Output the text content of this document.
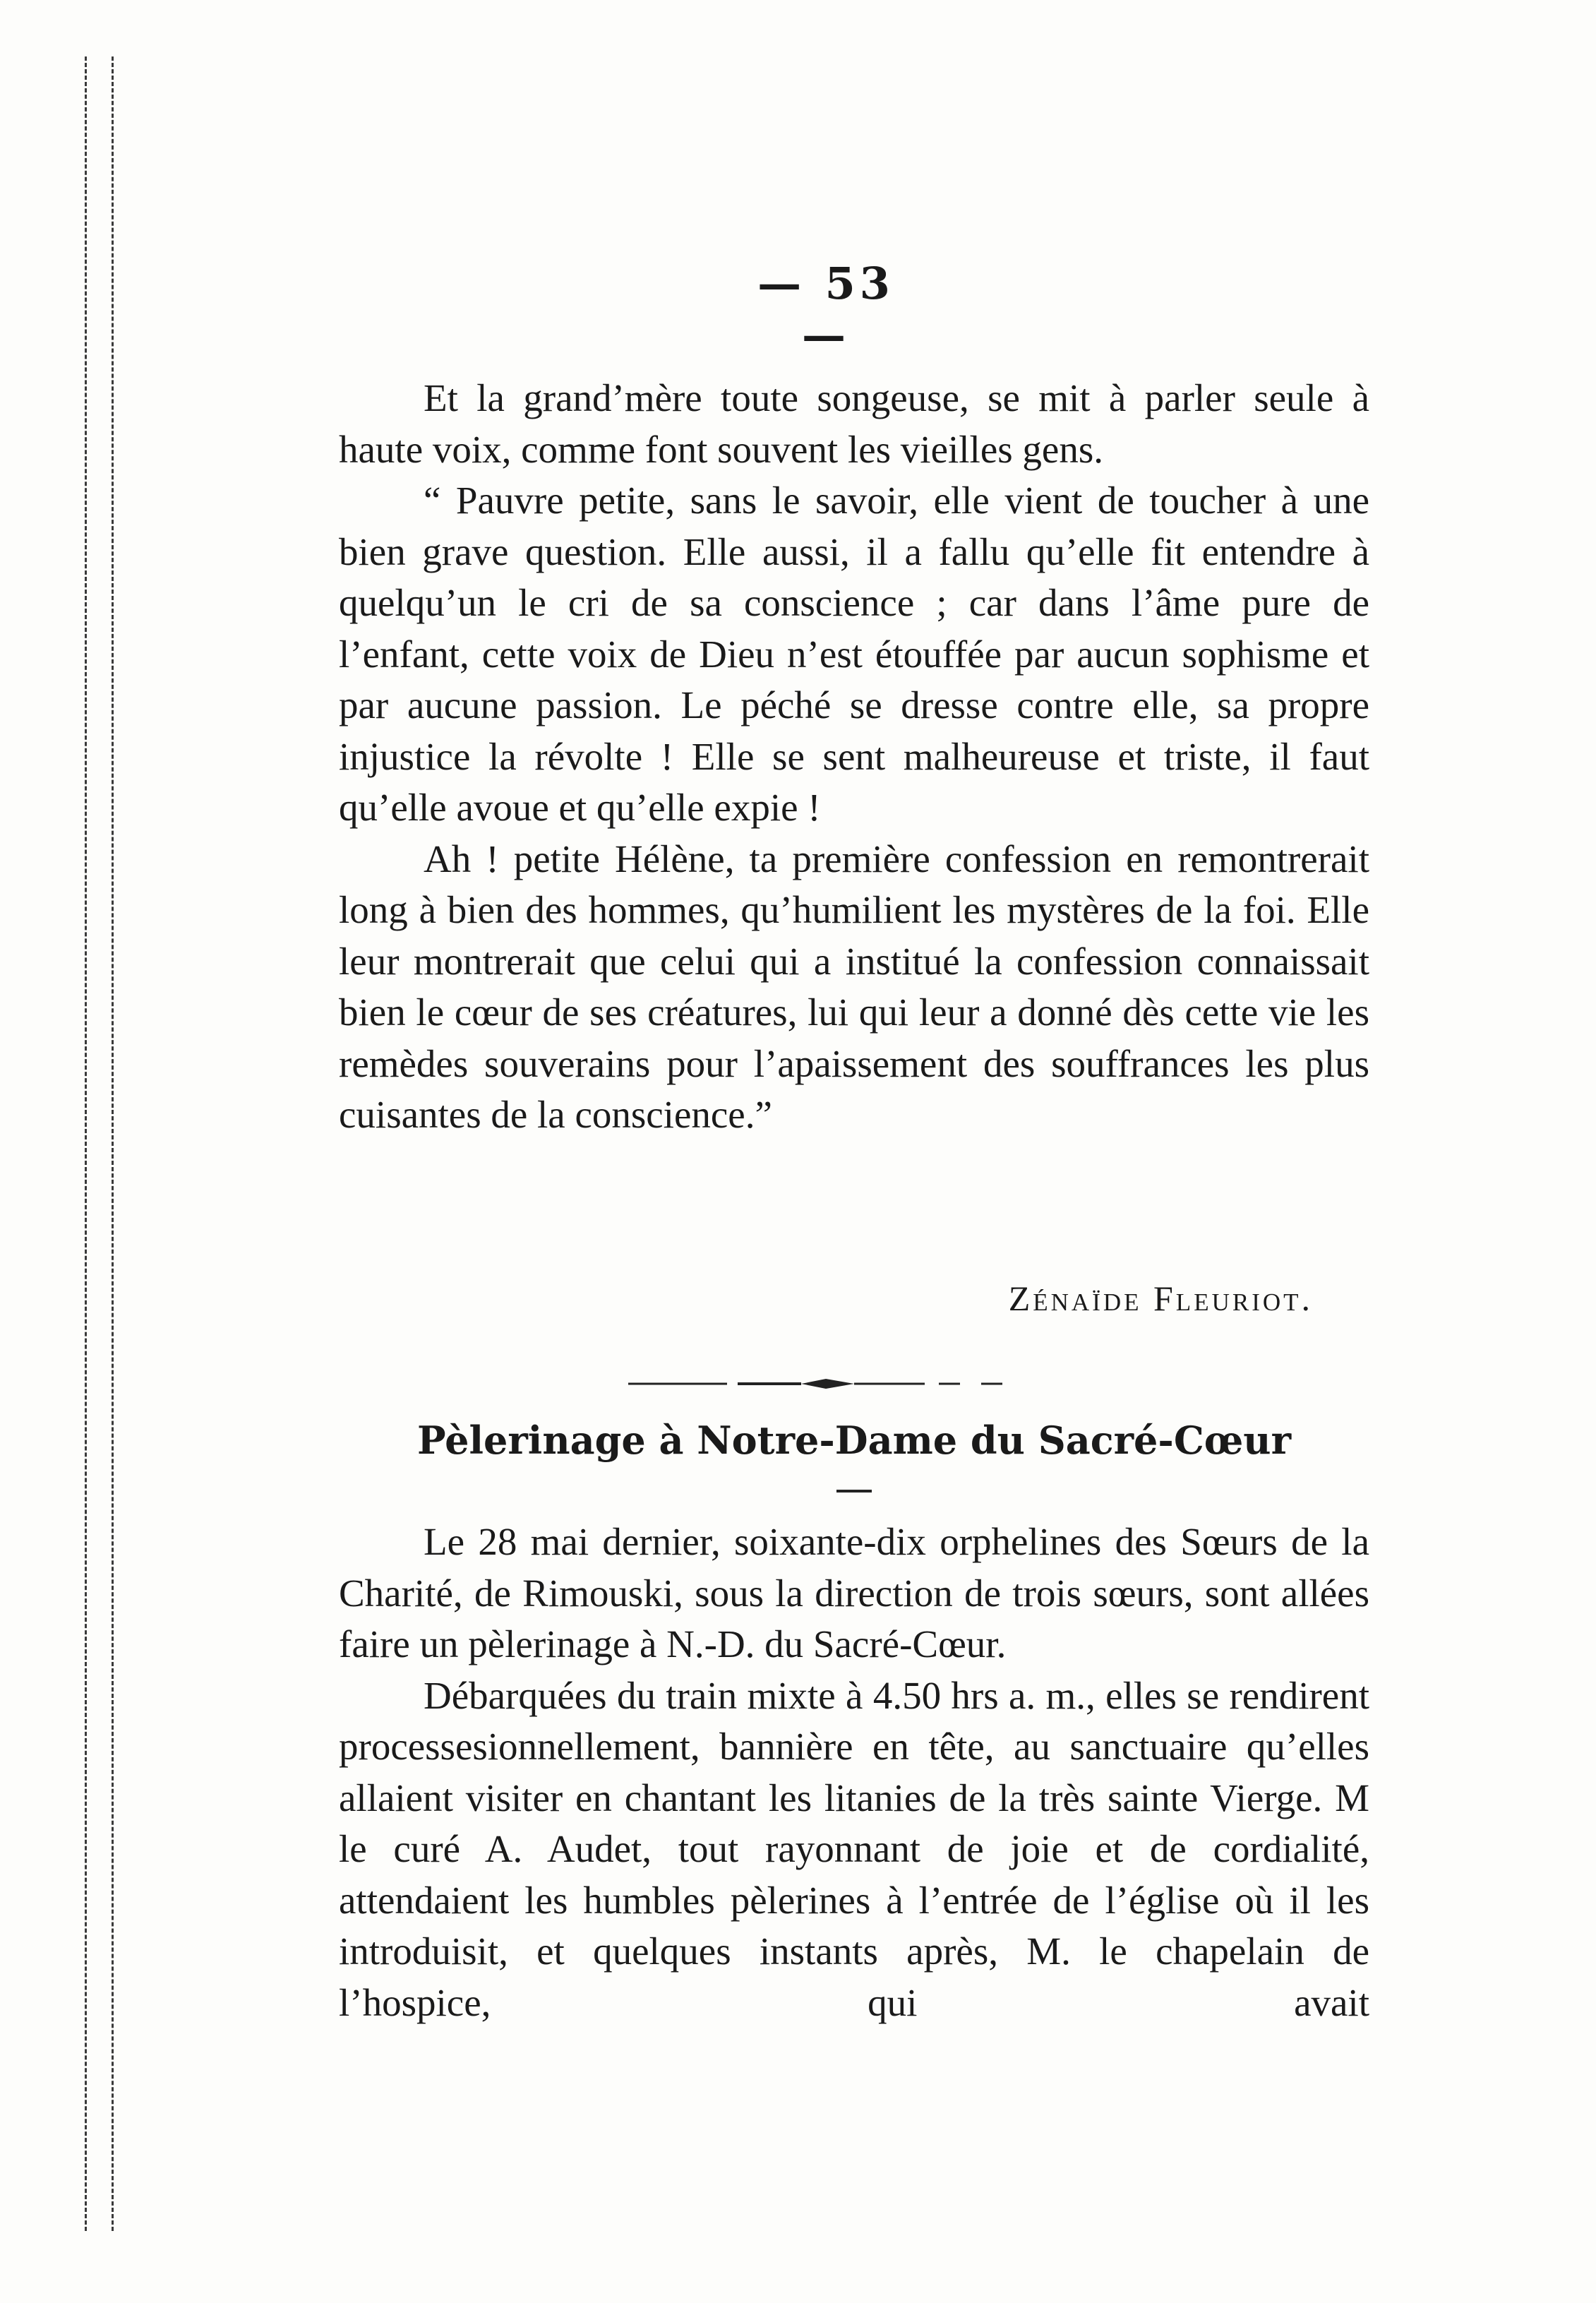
— 53 —

Et la grand’mère toute songeuse, se mit à parler seule à haute voix, comme font souvent les vieilles gens.

“ Pauvre petite, sans le savoir, elle vient de toucher à une bien grave question. Elle aussi, il a fallu qu’elle fit entendre à quelqu’un le cri de sa conscience ; car dans l’âme pure de l’enfant, cette voix de Dieu n’est étouffée par aucun sophisme et par aucune passion. Le péché se dresse contre elle, sa propre injustice la révolte ! Elle se sent malheureuse et triste, il faut qu’elle avoue et qu’elle expie !

Ah ! petite Hélène, ta première confession en remontrerait long à bien des hommes, qu’humilient les mystères de la foi. Elle leur montrerait que celui qui a institué la confession connaissait bien le cœur de ses créatures, lui qui leur a donné dès cette vie les remèdes souverains pour l’apaissement des souffrances les plus cuisantes de la conscience.”

Zénaïde Fleuriot.
Pèlerinage à Notre-Dame du Sacré-Cœur

Le 28 mai dernier, soixante-dix orphelines des Sœurs de la Charité, de Rimouski, sous la direction de trois sœurs, sont allées faire un pèlerinage à N.-D. du Sacré-Cœur.

Débarquées du train mixte à 4.50 hrs a. m., elles se rendirent processesionnellement, bannière en tête, au sanctuaire qu’elles allaient visiter en chantant les litanies de la très sainte Vierge. M le curé A. Audet, tout rayonnant de joie et de cordialité, attendaient les humbles pèlerines à l’entrée de l’église où il les introduisit, et quelques instants après, M. le chapelain de l’hospice, qui avait
